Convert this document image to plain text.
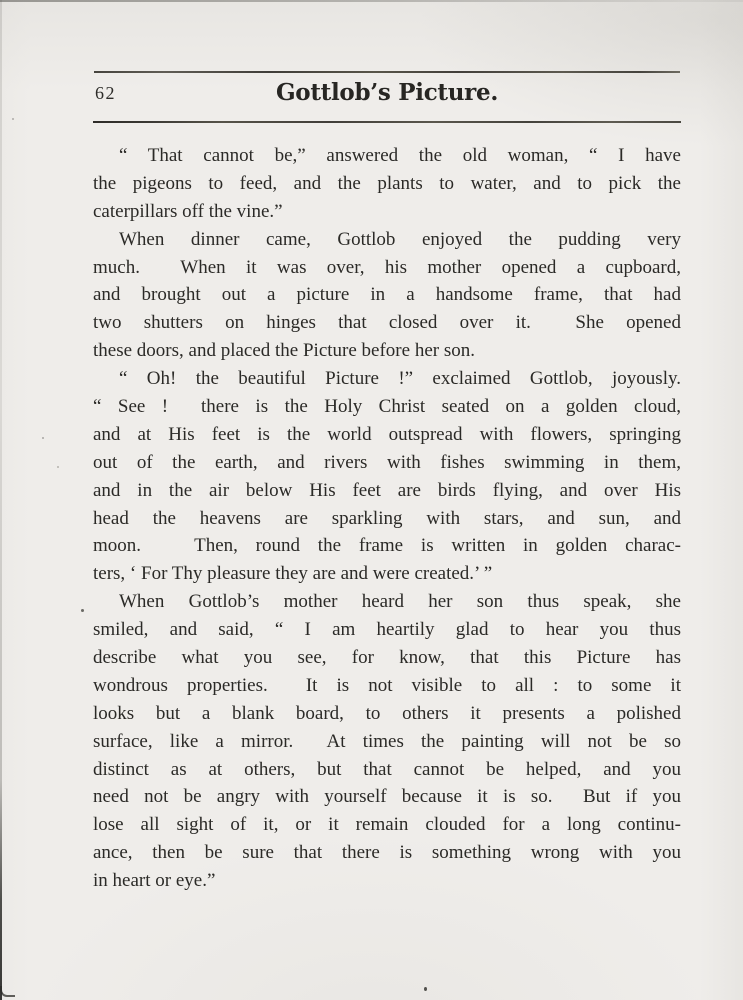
62	Gottlob’s Picture.
“ That cannot be,” answered the old woman, “ I have
the pigeons to feed, and the plants to water, and to pick the
caterpillars off the vine.”
When dinner came, Gottlob enjoyed the pudding very
much.  When it was over, his mother opened a cupboard,
and brought out a picture in a handsome frame, that had
two shutters on hinges that closed over it.  She opened
these doors, and placed the Picture before her son.
“ Oh! the beautiful Picture !” exclaimed Gottlob, joyously.
“ See !  there is the Holy Christ seated on a golden cloud,
and at His feet is the world outspread with flowers, springing
out of the earth, and rivers with fishes swimming in them,
and in the air below His feet are birds flying, and over His
head the heavens are sparkling with stars, and sun, and
moon.   Then, round the frame is written in golden charac-
ters, ‘ For Thy pleasure they are and were created.’ ”
When Gottlob’s mother heard her son thus speak, she
smiled, and said, “ I am heartily glad to hear you thus
describe what you see, for know, that this Picture has
wondrous properties.  It is not visible to all : to some it
looks but a blank board, to others it presents a polished
surface, like a mirror.  At times the painting will not be so
distinct as at others, but that cannot be helped, and you
need not be angry with yourself because it is so.  But if you
lose all sight of it, or it remain clouded for a long continu-
ance, then be sure that there is something wrong with you
in heart or eye.”
